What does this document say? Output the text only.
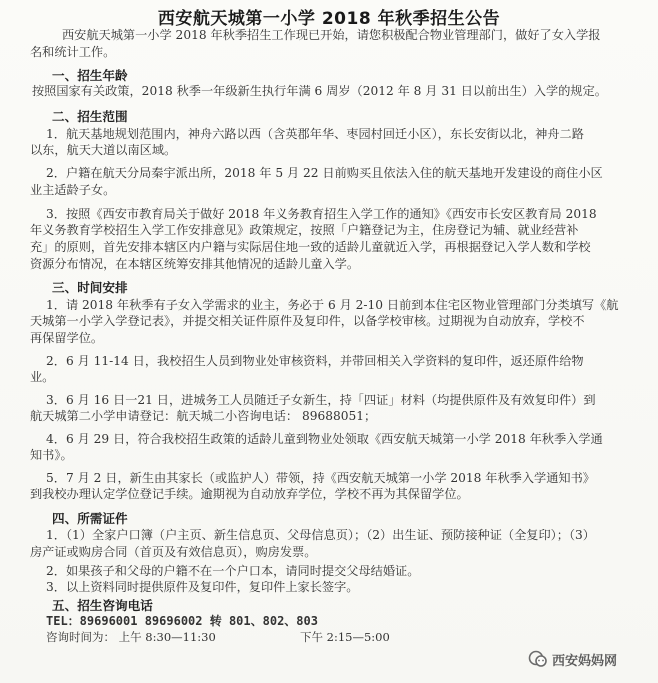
西安航天城第一小学 2018 年秋季招生公告
西安航天城第一小学 2018 年秋季招生工作现已开始，请您积极配合物业管理部门，做好了女入学报
名和统计工作。
一、招生年龄
按照国家有关政策，2018 秋季一年级新生执行年满 6 周岁（2012 年 8 月 31 日以前出生）入学的规定。
二、招生范围
1．航天基地规划范围内，神舟六路以西（含英郡年华、枣园村回迁小区），东长安街以北，神舟二路
以东，航天大道以南区域。
2．户籍在航天分局秦宇派出所，2018 年 5 月 22 日前购买且依法入住的航天基地开发建设的商住小区
业主适龄子女。
3．按照《西安市教育局关于做好 2018 年义务教育招生入学工作的通知》《西安市长安区教育局 2018
年义务教育学校招生入学工作安排意见》政策规定，按照「户籍登记为主，住房登记为辅、就业经营补
充」的原则，首先安排本辖区内户籍与实际居住地一致的适龄儿童就近入学，再根据登记入学人数和学校
资源分布情况，在本辖区统筹安排其他情况的适龄儿童入学。
三、时间安排
1．请 2018 年秋季有子女入学需求的业主，务必于 6 月 2-10 日前到本住宅区物业管理部门分类填写《航
天城第一小学入学登记表》，并提交相关证件原件及复印件，以备学校审核。过期视为自动放弃，学校不
再保留学位。
2．6 月 11-14 日，我校招生人员到物业处审核资料，并带回相关入学资料的复印件，返还原件给物
业。
3．6 月 16 日一21 日，进城务工人员随迁子女新生，持「四证」材料（均提供原件及有效复印件）到
航天城第二小学申请登记：航天城二小咨询电话： 89688051；
4．6 月 29 日，符合我校招生政策的适龄儿童到物业处领取《西安航天城第一小学 2018 年秋季入学通
知书》。
5．7 月 2 日，新生由其家长（或监护人）带领，持《西安航天城第一小学 2018 年秋季入学通知书》
到我校办理认定学位登记手续。逾期视为自动放弃学位，学校不再为其保留学位。
四、所需证件
1．（1）全家户口簿（户主页、新生信息页、父母信息页）；（2）出生证、预防接种证（全复印）；（3）
房产证或购房合同（首页及有效信息页），购房发票。
2．如果孩子和父母的户籍不在一个户口本，请同时提交父母结婚证。
3．以上资料同时提供原件及复印件，复印件上家长签字。
五、招生咨询电话
TEL：89696001 89696002 转 801、802、803
咨询时间为： 上午 8:30—11:30	下午 2:15—5:00
西安妈妈网
